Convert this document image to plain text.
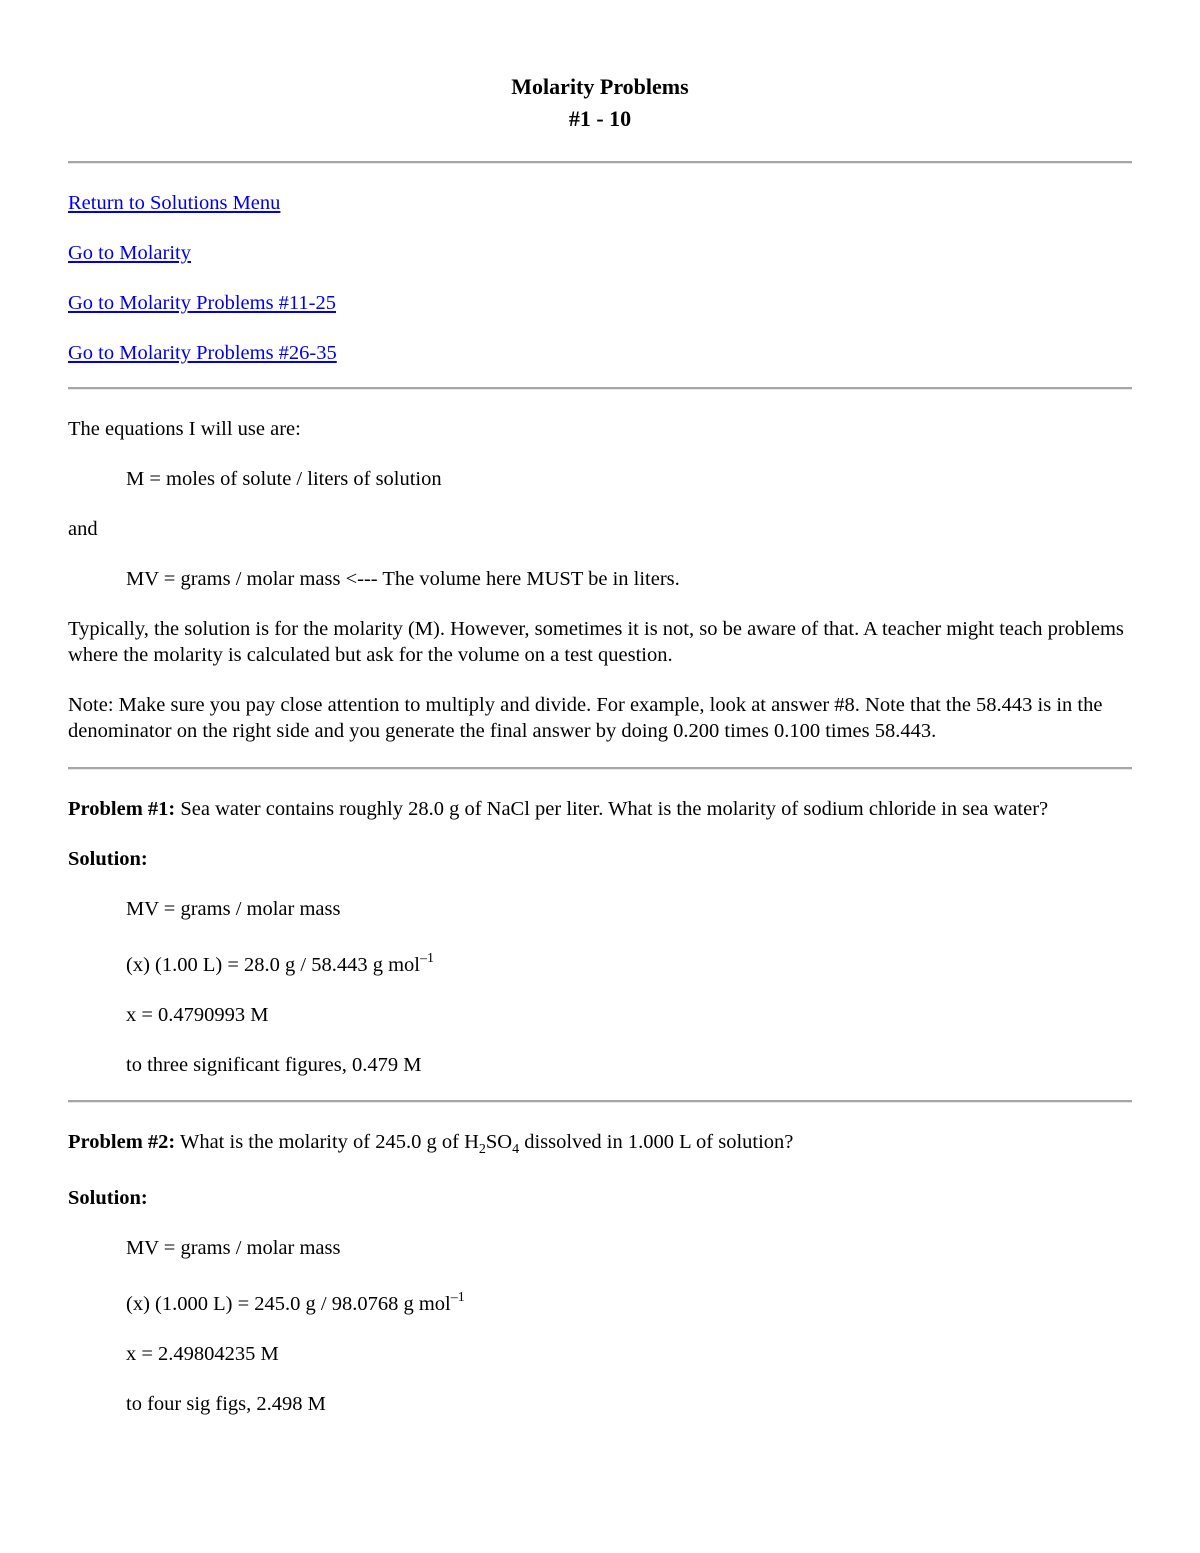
Molarity Problems
#1 - 10

Return to Solutions Menu

Go to Molarity

Go to Molarity Problems #11-25

Go to Molarity Problems #26-35

The equations I will use are:

M = moles of solute / liters of solution

and

MV = grams / molar mass <--- The volume here MUST be in liters.

Typically, the solution is for the molarity (M). However, sometimes it is not, so be aware of that. A teacher might teach problems where the molarity is calculated but ask for the volume on a test question.

Note: Make sure you pay close attention to multiply and divide. For example, look at answer #8. Note that the 58.443 is in the denominator on the right side and you generate the final answer by doing 0.200 times 0.100 times 58.443.

Problem #1: Sea water contains roughly 28.0 g of NaCl per liter. What is the molarity of sodium chloride in sea water?

Solution:

MV = grams / molar mass

(x) (1.00 L) = 28.0 g / 58.443 g mol$^{-1}$

x = 0.4790993 M

to three significant figures, 0.479 M

Problem #2: What is the molarity of 245.0 g of $H_2SO_4$ dissolved in 1.000 L of solution?

Solution:

MV = grams / molar mass

(x) (1.000 L) = 245.0 g / 98.0768 g mol$^{-1}$

x = 2.49804235 M

to four sig figs, 2.498 M
